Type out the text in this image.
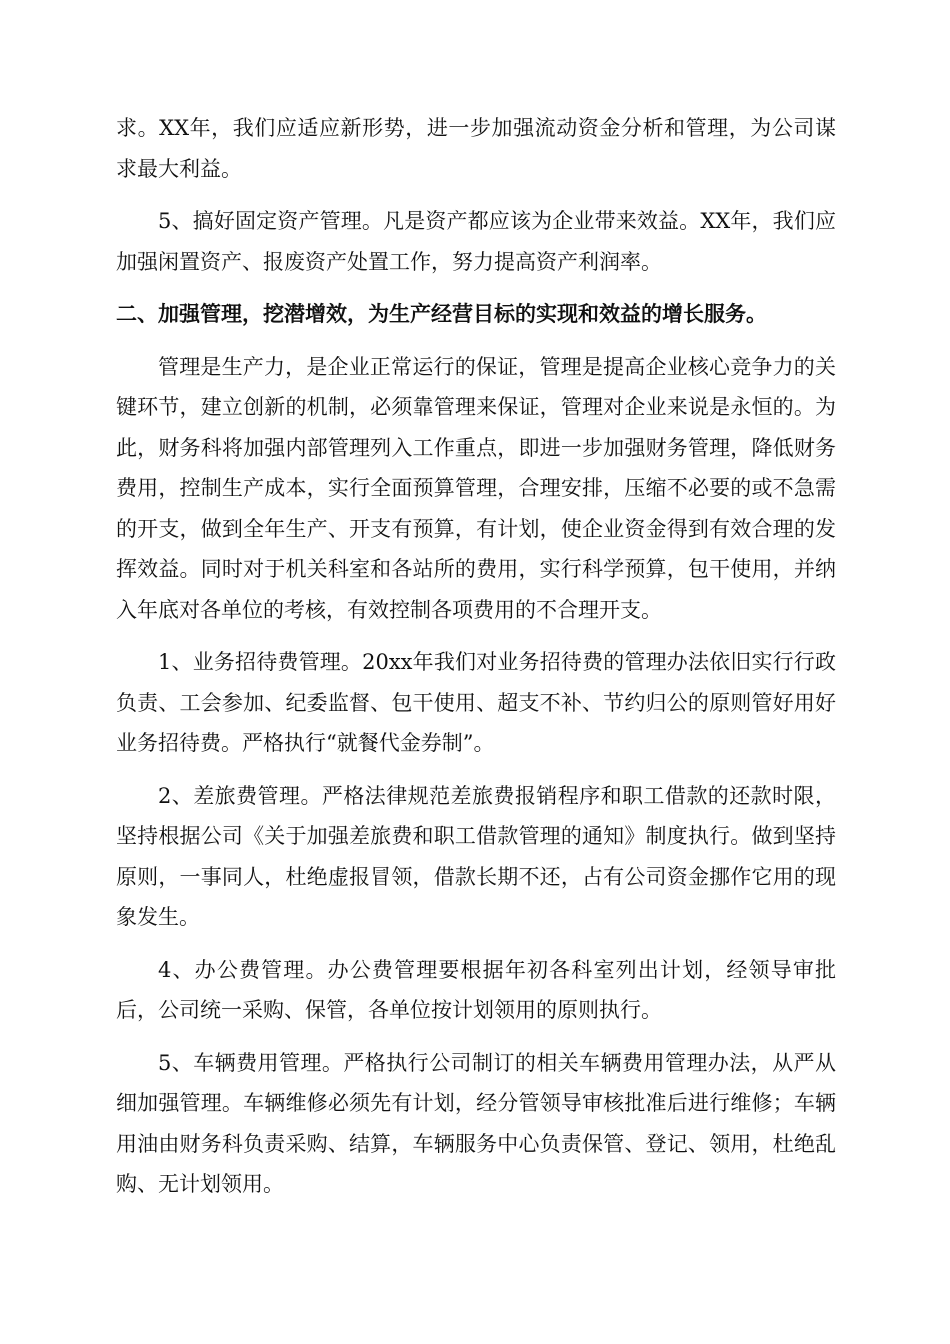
求。XX年，我们应适应新形势，进一步加强流动资金分析和管理，为公司谋求最大利益。

5、搞好固定资产管理。凡是资产都应该为企业带来效益。XX年，我们应加强闲置资产、报废资产处置工作，努力提高资产利润率。

二、加强管理，挖潜增效，为生产经营目标的实现和效益的增长服务。

管理是生产力，是企业正常运行的保证，管理是提高企业核心竞争力的关键环节，建立创新的机制，必须靠管理来保证，管理对企业来说是永恒的。为此，财务科将加强内部管理列入工作重点，即进一步加强财务管理，降低财务费用，控制生产成本，实行全面预算管理，合理安排，压缩不必要的或不急需的开支，做到全年生产、开支有预算，有计划，使企业资金得到有效合理的发挥效益。同时对于机关科室和各站所的费用，实行科学预算，包干使用，并纳入年底对各单位的考核，有效控制各项费用的不合理开支。

1、业务招待费管理。20xx年我们对业务招待费的管理办法依旧实行行政负责、工会参加、纪委监督、包干使用、超支不补、节约归公的原则管好用好业务招待费。严格执行“就餐代金券制”。

2、差旅费管理。严格法律规范差旅费报销程序和职工借款的还款时限，坚持根据公司《关于加强差旅费和职工借款管理的通知》制度执行。做到坚持原则，一事同人，杜绝虚报冒领，借款长期不还，占有公司资金挪作它用的现象发生。

4、办公费管理。办公费管理要根据年初各科室列出计划，经领导审批后，公司统一采购、保管，各单位按计划领用的原则执行。

5、车辆费用管理。严格执行公司制订的相关车辆费用管理办法，从严从细加强管理。车辆维修必须先有计划，经分管领导审核批准后进行维修；车辆用油由财务科负责采购、结算，车辆服务中心负责保管、登记、领用，杜绝乱购、无计划领用。
